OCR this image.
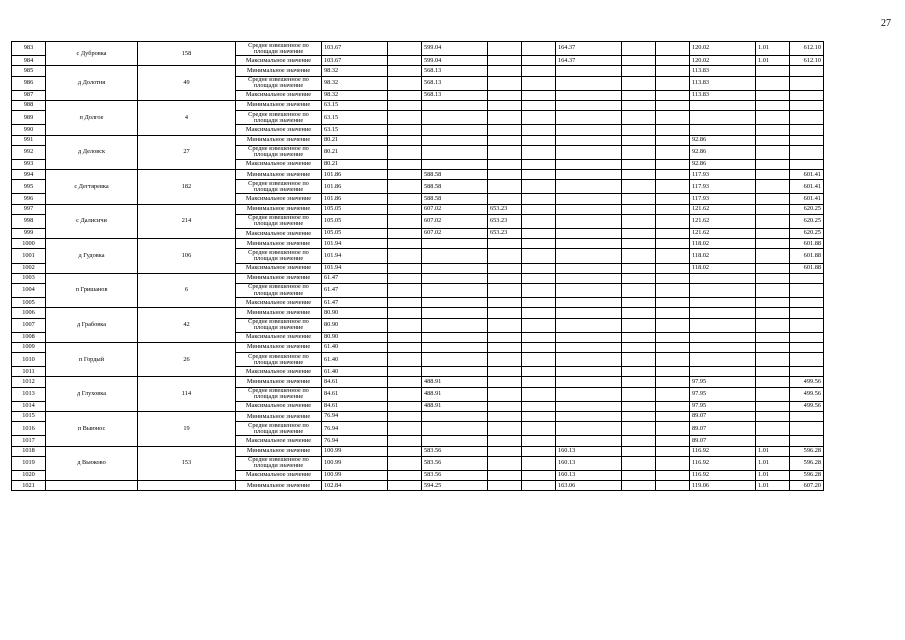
27
983	с Дубровка	158	Средне взвешенное по площади значение	103.67		599.04			164.37			120.02	1.01	612.10
984			Максимальное значение	103.67		599.04			164.37			120.02	1.01	612.10
985	д Долотня	49	Минимальное значение	98.32		568.13						113.83		
986			Средне взвешенное по площади значение	98.32		568.13						113.83		
987			Максимальное значение	98.32		568.13						113.83		
988	п Долгое	4	Минимальное значение	63.15										
989			Средне взвешенное по площади значение	63.15										
990			Максимальное значение	63.15										
991	д Деловск	27	Минимальное значение	80.21								92.86		
992			Средне взвешенное по площади значение	80.21								92.86		
993			Максимальное значение	80.21								92.86		
994	с Дегтяревка	182	Минимальное значение	101.86		588.58						117.93		601.41
995			Средне взвешенное по площади значение	101.86		588.58						117.93		601.41
996			Максимальное значение	101.86		588.58						117.93		601.41
997	с Далисичи	214	Минимальное значение	105.05		607.02	653.23					121.62		620.25
998			Средне взвешенное по площади значение	105.05		607.02	653.23					121.62		620.25
999			Максимальное значение	105.05		607.02	653.23					121.62		620.25
1000	д Гудовка	106	Минимальное значение	101.94								118.02		601.88
1001			Средне взвешенное по площади значение	101.94								118.02		601.88
1002			Максимальное значение	101.94								118.02		601.88
1003	п Гришанов	6	Минимальное значение	61.47										
1004			Средне взвешенное по площади значение	61.47										
1005			Максимальное значение	61.47										
1006	д Грабовка	42	Минимальное значение	80.90										
1007			Средне взвешенное по площади значение	80.90										
1008			Максимальное значение	80.90										
1009	п Гордый	26	Минимальное значение	61.40										
1010			Средне взвешенное по площади значение	61.40										
1011			Максимальное значение	61.40										
1012	д Глуховка	114	Минимальное значение	84.61		488.91						97.95		499.56
1013			Средне взвешенное по площади значение	84.61		488.91						97.95		499.56
1014			Максимальное значение	84.61		488.91						97.95		499.56
1015	п Выюнос	19	Минимальное значение	76.94								89.07		
1016			Средне взвешенное по площади значение	76.94								89.07		
1017			Максимальное значение	76.94								89.07		
1018	д Вьюково	153	Минимальное значение	100.99		583.56			160.13			116.92	1.01	596.28
1019			Средне взвешенное по площади значение	100.99		583.56			160.13			116.92	1.01	596.28
1020			Максимальное значение	100.99		583.56			160.13			116.92	1.01	596.28
1021			Минимальное значение	102.84		594.25			163.06			119.06	1.01	607.20
